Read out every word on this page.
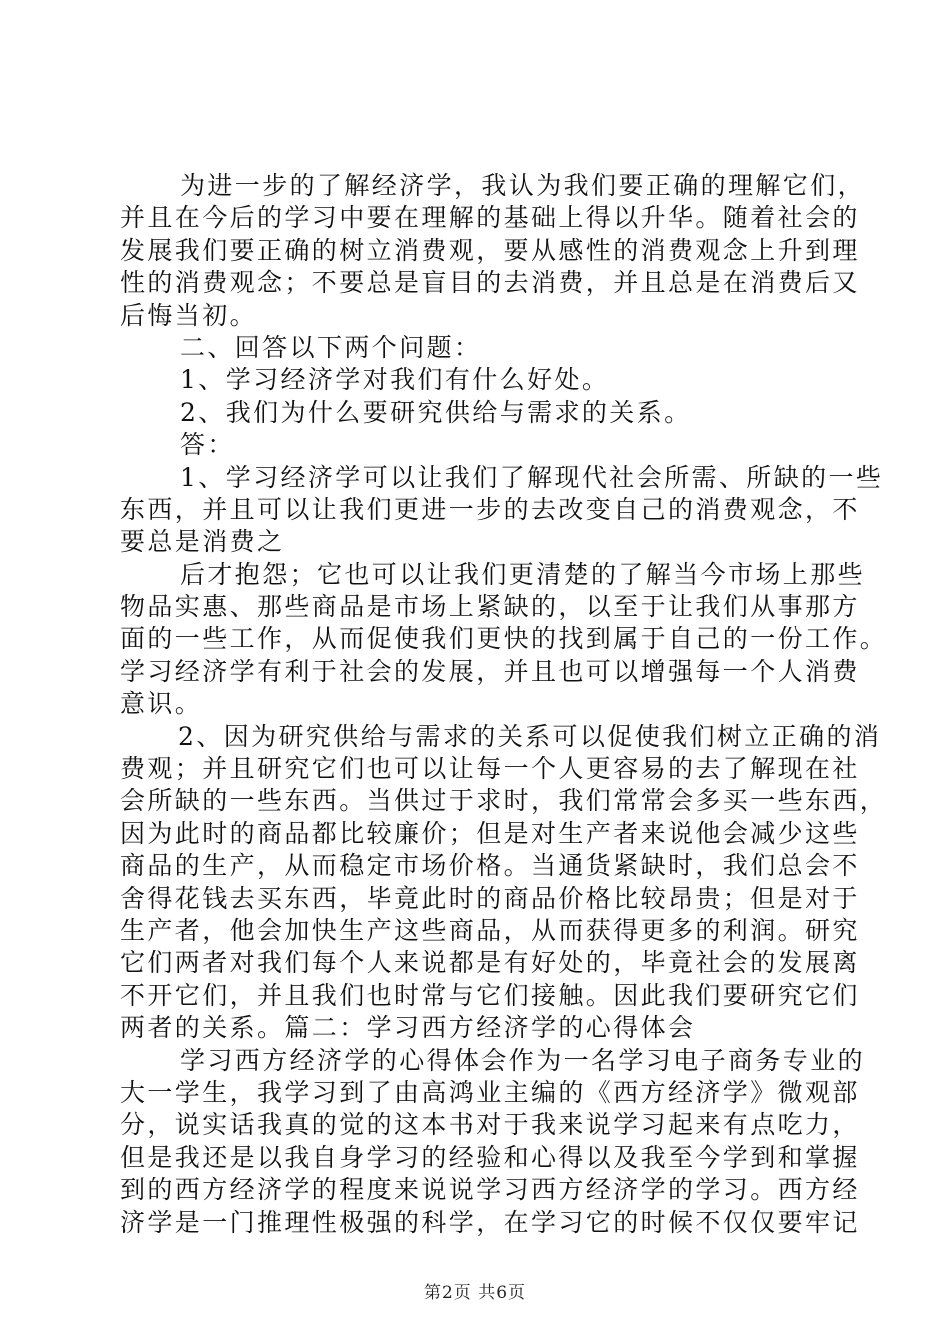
为进一步的了解经济学，我认为我们要正确的理解它们，
并且在今后的学习中要在理解的基础上得以升华。随着社会的
发展我们要正确的树立消费观，要从感性的消费观念上升到理
性的消费观念；不要总是盲目的去消费，并且总是在消费后又
后悔当初。
二、回答以下两个问题：
1、学习经济学对我们有什么好处。
2、我们为什么要研究供给与需求的关系。
答：
1、学习经济学可以让我们了解现代社会所需、所缺的一些
东西，并且可以让我们更进一步的去改变自己的消费观念，不
要总是消费之
后才抱怨；它也可以让我们更清楚的了解当今市场上那些
物品实惠、那些商品是市场上紧缺的，以至于让我们从事那方
面的一些工作，从而促使我们更快的找到属于自己的一份工作。
学习经济学有利于社会的发展，并且也可以增强每一个人消费
意识。
2、因为研究供给与需求的关系可以促使我们树立正确的消
费观；并且研究它们也可以让每一个人更容易的去了解现在社
会所缺的一些东西。当供过于求时，我们常常会多买一些东西，
因为此时的商品都比较廉价；但是对生产者来说他会减少这些
商品的生产，从而稳定市场价格。当通货紧缺时，我们总会不
舍得花钱去买东西，毕竟此时的商品价格比较昂贵；但是对于
生产者，他会加快生产这些商品，从而获得更多的利润。研究
它们两者对我们每个人来说都是有好处的，毕竟社会的发展离
不开它们，并且我们也时常与它们接触。因此我们要研究它们
两者的关系。篇二：学习西方经济学的心得体会
学习西方经济学的心得体会作为一名学习电子商务专业的
大一学生，我学习到了由高鸿业主编的《西方经济学》微观部
分，说实话我真的觉的这本书对于我来说学习起来有点吃力，
但是我还是以我自身学习的经验和心得以及我至今学到和掌握
到的西方经济学的程度来说说学习西方经济学的学习。西方经
济学是一门推理性极强的科学，在学习它的时候不仅仅要牢记
第2页 共6页
